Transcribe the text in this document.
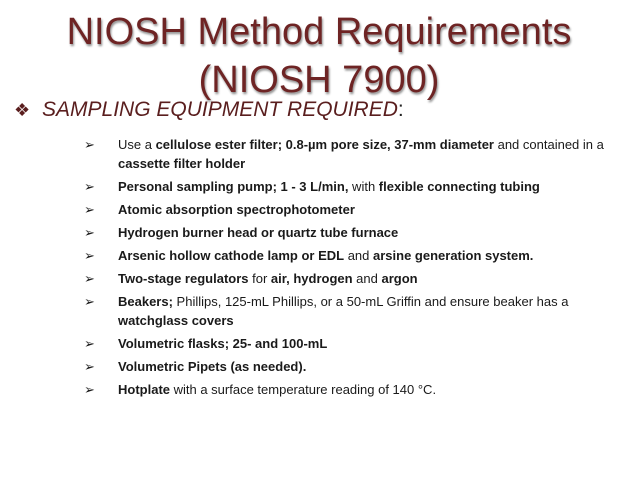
NIOSH Method Requirements
(NIOSH 7900)
❖ SAMPLING EQUIPMENT REQUIRED:
➢ Use a cellulose ester filter; 0.8-µm pore size, 37-mm diameter and contained in a cassette filter holder
➢ Personal sampling pump; 1 - 3 L/min, with flexible connecting tubing
➢ Atomic absorption spectrophotometer
➢ Hydrogen burner head or quartz tube furnace
➢ Arsenic hollow cathode lamp or EDL and arsine generation system.
➢ Two-stage regulators for air, hydrogen and argon
➢ Beakers; Phillips, 125-mL Phillips, or a 50-mL Griffin and ensure beaker has a watchglass covers
➢ Volumetric flasks; 25- and 100-mL
➢ Volumetric Pipets (as needed).
➢ Hotplate with a surface temperature reading of 140 °C.
